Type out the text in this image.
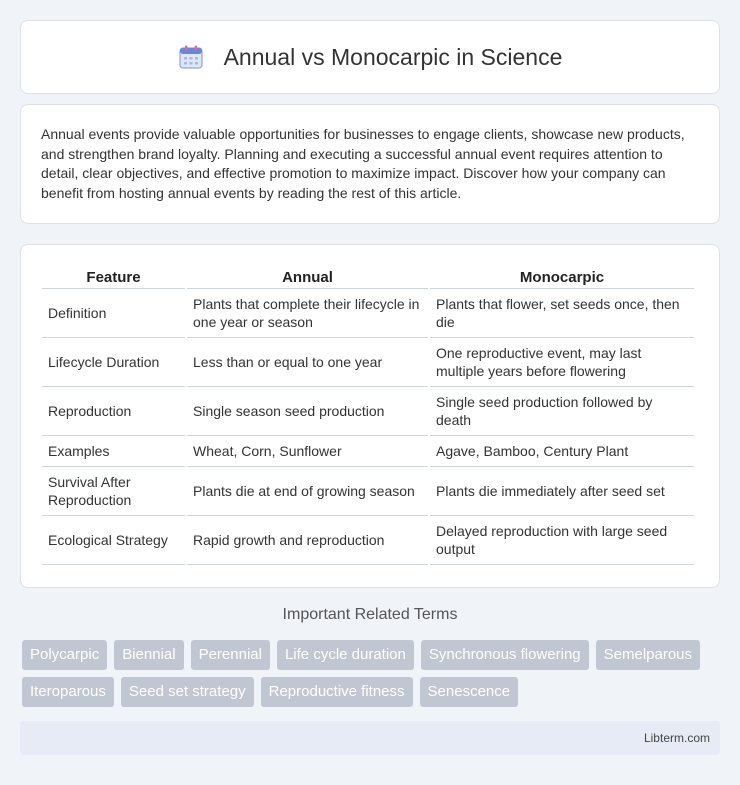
Annual vs Monocarpic in Science

Annual events provide valuable opportunities for businesses to engage clients, showcase new products, and strengthen brand loyalty. Planning and executing a successful annual event requires attention to detail, clear objectives, and effective promotion to maximize impact. Discover how your company can benefit from hosting annual events by reading the rest of this article.

Feature	Annual	Monocarpic
Definition	Plants that complete their lifecycle in one year or season	Plants that flower, set seeds once, then die
Lifecycle Duration	Less than or equal to one year	One reproductive event, may last multiple years before flowering
Reproduction	Single season seed production	Single seed production followed by death
Examples	Wheat, Corn, Sunflower	Agave, Bamboo, Century Plant
Survival After Reproduction	Plants die at end of growing season	Plants die immediately after seed set
Ecological Strategy	Rapid growth and reproduction	Delayed reproduction with large seed output
Important Related Terms
Polycarpic	Biennial	Perennial	Life cycle duration	Synchronous flowering	Semelparous
Iteroparous	Seed set strategy	Reproductive fitness	Senescence
Libterm.com
